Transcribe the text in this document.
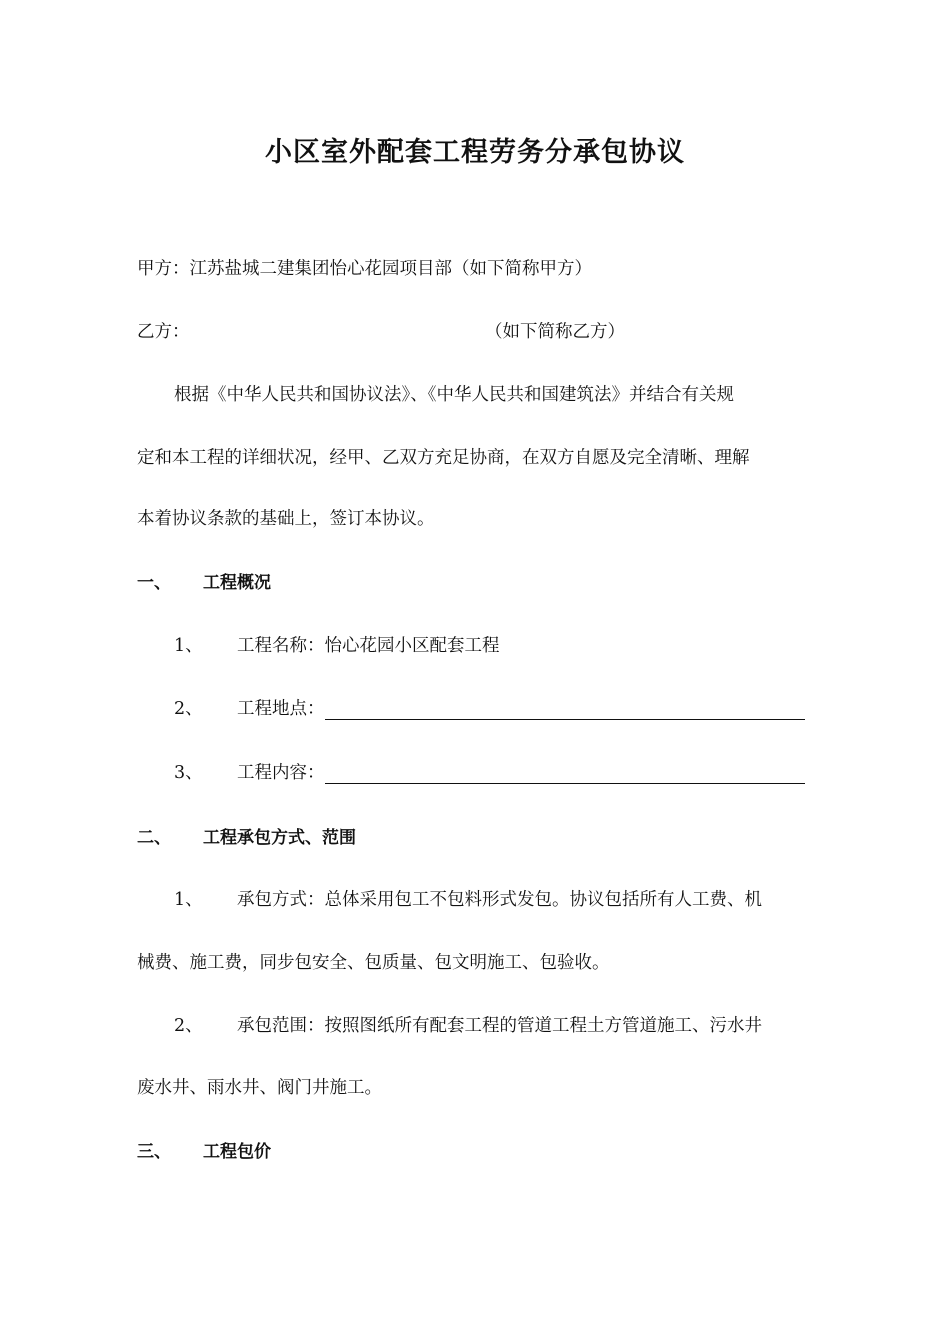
小区室外配套工程劳务分承包协议
甲方：江苏盐城二建集团怡心花园项目部（如下简称甲方）
乙方：	（如下简称乙方）
根据《中华人民共和国协议法》、《中华人民共和国建筑法》并结合有关规
定和本工程的详细状况，经甲、乙双方充足协商，在双方自愿及完全清晰、理解
本着协议条款的基础上，签订本协议。
一、 工程概况
1、 工程名称：怡心花园小区配套工程
2、 工程地点：
3、 工程内容：
二、 工程承包方式、范围
1、 承包方式：总体采用包工不包料形式发包。协议包括所有人工费、机
械费、施工费，同步包安全、包质量、包文明施工、包验收。
2、 承包范围：按照图纸所有配套工程的管道工程土方管道施工、污水井
废水井、雨水井、阀门井施工。
三、 工程包价
